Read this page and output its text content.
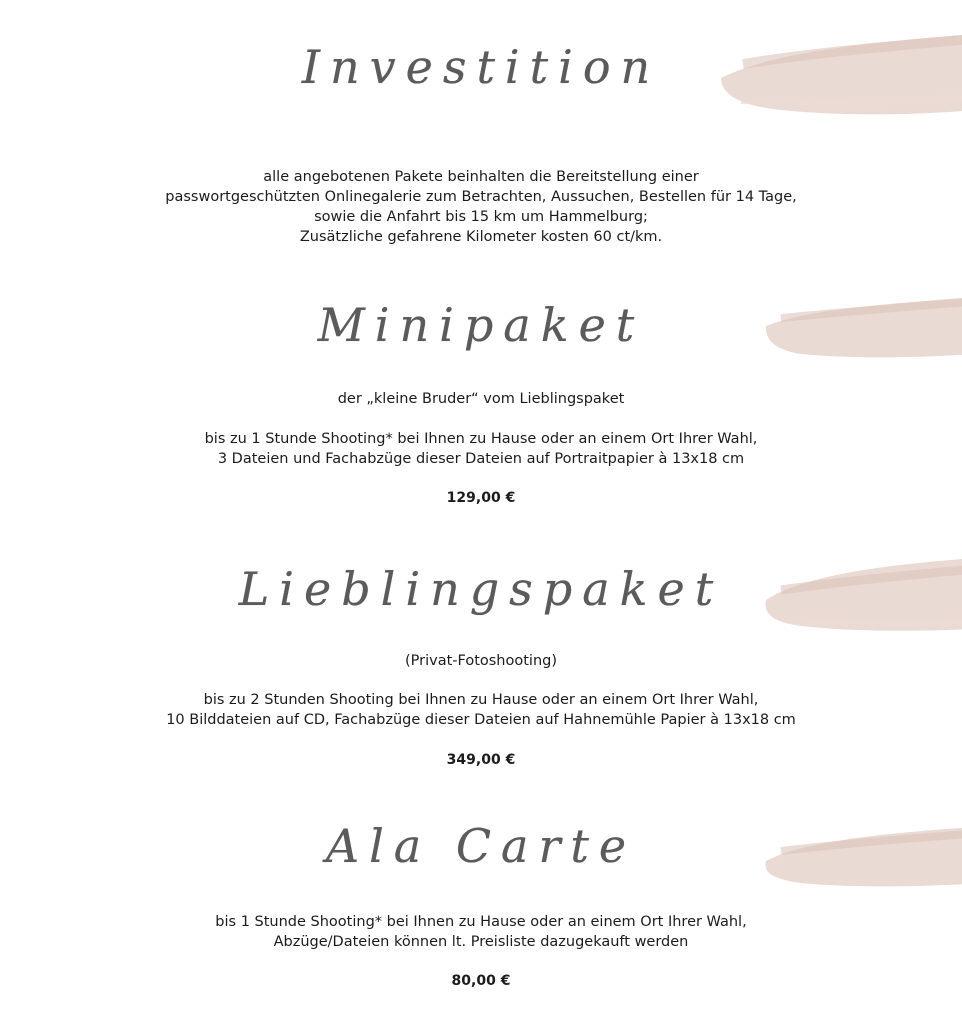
Investition

alle angebotenen Pakete beinhalten die Bereitstellung einer

passwortgeschützten Onlinegalerie zum Betrachten, Aussuchen, Bestellen für 14 Tage,

sowie die Anfahrt bis 15 km um Hammelburg;

Zusätzliche gefahrene Kilometer kosten 60 ct/km.

Minipaket

der „kleine Bruder“ vom Lieblingspaket

bis zu 1 Stunde Shooting* bei Ihnen zu Hause oder an einem Ort Ihrer Wahl,

3 Dateien und Fachabzüge dieser Dateien auf Portraitpapier à 13x18 cm

129,00 €

Lieblingspaket

(Privat-Fotoshooting)

bis zu 2 Stunden Shooting bei Ihnen zu Hause oder an einem Ort Ihrer Wahl,

10 Bilddateien auf CD, Fachabzüge dieser Dateien auf Hahnemühle Papier à 13x18 cm

349,00 €

Ala Carte

bis 1 Stunde Shooting* bei Ihnen zu Hause oder an einem Ort Ihrer Wahl,

Abzüge/Dateien können lt. Preisliste dazugekauft werden

80,00 €
